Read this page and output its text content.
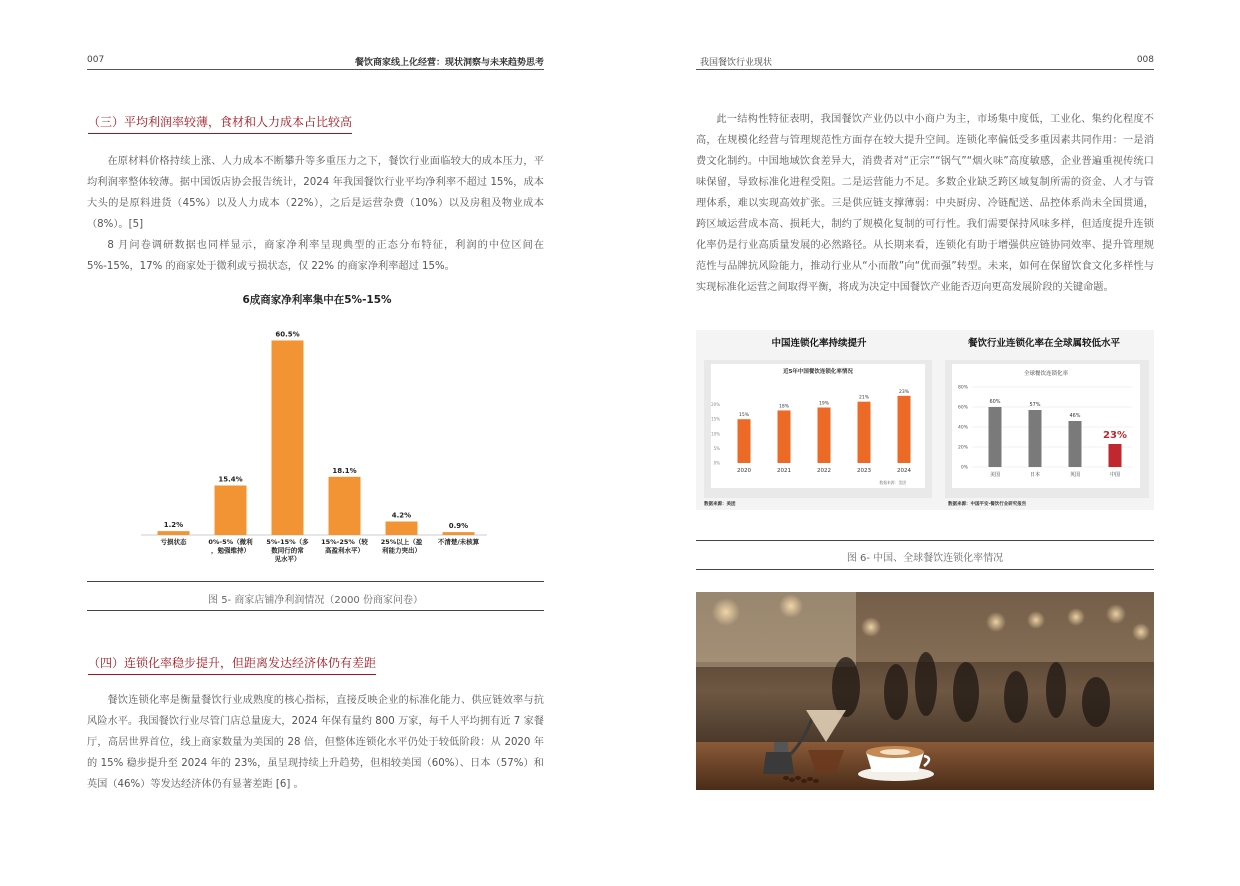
007	餐饮商家线上化经营：现状洞察与未来趋势思考
（三）平均利润率较薄，食材和人力成本占比较高

在原材料价格持续上涨、人力成本不断攀升等多重压力之下，餐饮行业面临较大的成本压力，平均利润率整体较薄。据中国饭店协会报告统计，2024 年我国餐饮行业平均净利率不超过 15%，成本大头的是原料进货（45%）以及人力成本（22%），之后是运营杂费（10%）以及房租及物业成本（8%）。[5]

8 月问卷调研数据也同样显示，商家净利率呈现典型的正态分布特征，利润的中位区间在 5%-15%，17% 的商家处于微利或亏损状态，仅 22% 的商家净利率超过 15%。

6成商家净利率集中在5%-15%
1.2%
亏损状态
15.4%
0%-5%（微利
，勉强维持）
60.5%
5%-15%（多
数同行的常
见水平）
18.1%
15%-25%（较
高盈利水平）
4.2%
25%以上（盈
利能力突出）
0.9%
不清楚/未核算
图 5- 商家店铺净利润情况（2000 份商家问卷）
（四）连锁化率稳步提升，但距离发达经济体仍有差距

餐饮连锁化率是衡量餐饮行业成熟度的核心指标，直接反映企业的标准化能力、供应链效率与抗风险水平。我国餐饮行业尽管门店总量庞大，2024 年保有量约 800 万家，每千人平均拥有近 7 家餐厅，高居世界首位，线上商家数量为美国的 28 倍，但整体连锁化水平仍处于较低阶段：从 2020 年的 15% 稳步提升至 2024 年的 23%，虽呈现持续上升趋势，但相较美国（60%）、日本（57%）和英国（46%）等发达经济体仍有显著差距 [6] 。

我国餐饮行业现状	008

此一结构性特征表明，我国餐饮产业仍以中小商户为主，市场集中度低，工业化、集约化程度不高，在规模化经营与管理规范性方面存在较大提升空间。连锁化率偏低受多重因素共同作用：一是消费文化制约。中国地域饮食差异大，消费者对“正宗”“锅气”“烟火味”高度敏感，企业普遍重视传统口味保留，导致标准化进程受阻。二是运营能力不足。多数企业缺乏跨区域复制所需的资金、人才与管理体系，难以实现高效扩张。三是供应链支撑薄弱：中央厨房、冷链配送、品控体系尚未全国贯通，跨区域运营成本高、损耗大，制约了规模化复制的可行性。我们需要保持风味多样，但适度提升连锁化率仍是行业高质量发展的必然路径。从长期来看，连锁化有助于增强供应链协同效率、提升管理规范性与品牌抗风险能力，推动行业从“小而散”向“优而强”转型。未来，如何在保留饮食文化多样性与实现标准化运营之间取得平衡，将成为决定中国餐饮产业能否迈向更高发展阶段的关键命题。

中国连锁化率持续提升	餐饮行业连锁化率在全球属较低水平
近5年中国餐饮连锁化率情况	全球餐饮连锁化率
0%
5%
10%
15%
20%
15%
2020
18%
2021
19%
2022
21%
2023
23%
2024	0%
20%
40%
60%
80%
60%
美国
57%
日本
46%
英国
23%
中国
数据来源：美团
数据来源：美团	数据来源：中国平安·餐饮行业研究报告
图 6- 中国、全球餐饮连锁化率情况
